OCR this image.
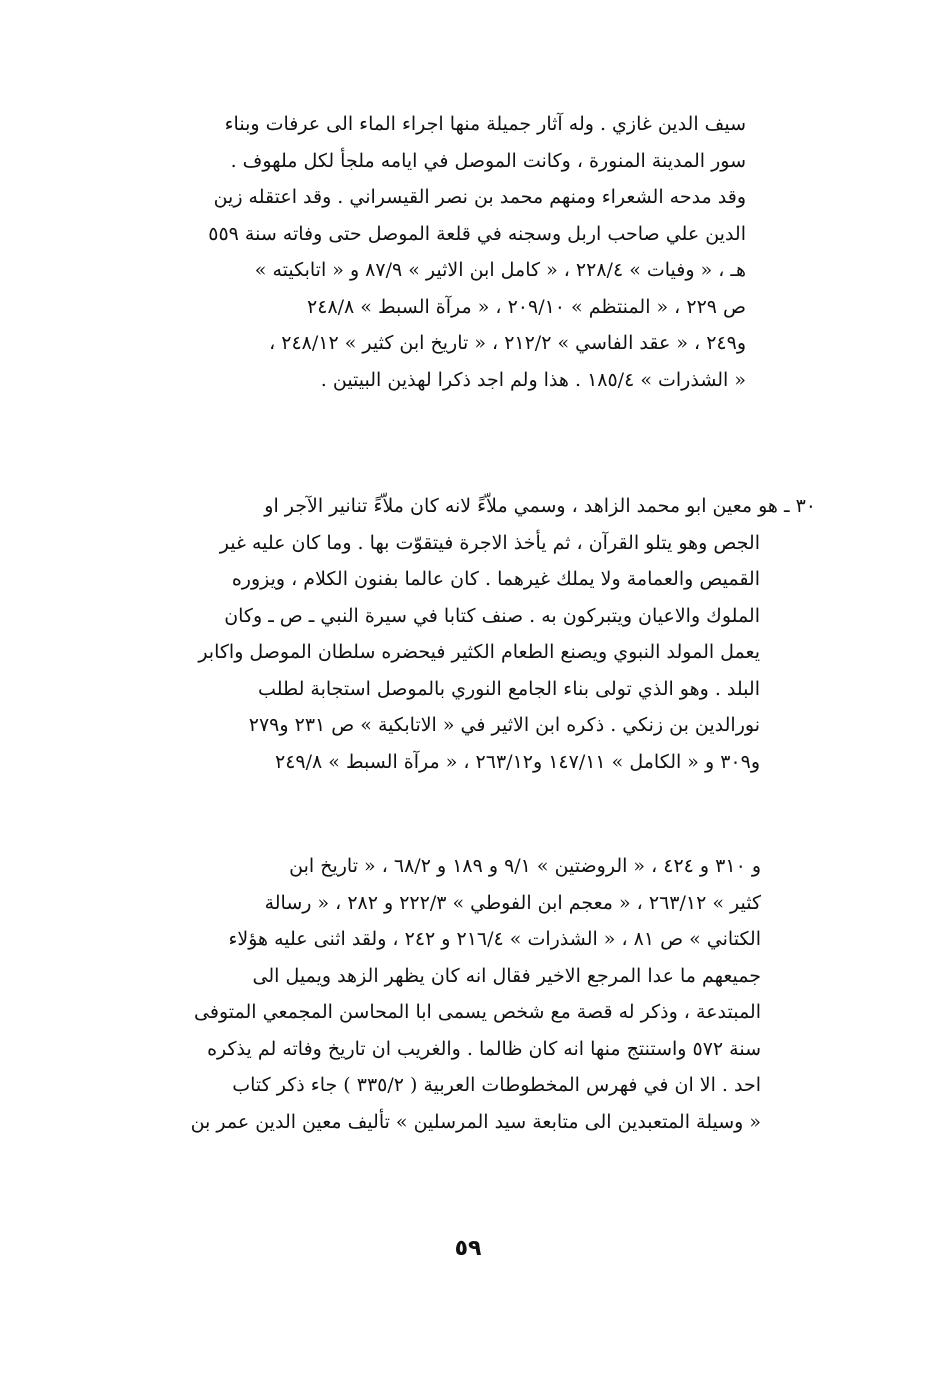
سيف الدين غازي . وله آثار جميلة منها اجراء الماء الى عرفات وبناء
سور المدينة المنورة ، وكانت الموصل في ايامه ملجأ لكل ملهوف .
وقد مدحه الشعراء ومنهم محمد بن نصر القيسراني . وقد اعتقله زين
الدين علي صاحب اربل وسجنه في قلعة الموصل حتى وفاته سنة ٥٥٩
هـ ، « وفيات » ٢٢٨/٤ ، « كامل ابن الاثير » ٨٧/٩ و « اتابكيته »
ص ٢٢٩ ، « المنتظم » ٢٠٩/١٠ ، « مرآة السبط » ٢٤٨/٨
و٢٤٩ ، « عقد الفاسي » ٢١٢/٢ ، « تاريخ ابن كثير » ٢٤٨/١٢ ،
« الشذرات » ١٨٥/٤ . هذا ولم اجد ذكرا لهذين البيتين .
٣٠ ـ هو معين ابو محمد الزاهد ، وسمي ملاّءً لانه كان ملاّءً تنانير الآجر او
الجص وهو يتلو القرآن ، ثم يأخذ الاجرة فيتقوّت بها . وما كان عليه غير
القميص والعمامة ولا يملك غيرهما . كان عالما بفنون الكلام ، ويزوره
الملوك والاعيان ويتبركون به . صنف كتابا في سيرة النبي ـ ص ـ وكان
يعمل المولد النبوي ويصنع الطعام الكثير فيحضره سلطان الموصل واكابر
البلد . وهو الذي تولى بناء الجامع النوري بالموصل استجابة لطلب
نورالدين بن زنكي . ذكره ابن الاثير في « الاتابكية » ص ٢٣١ و٢٧٩
و٣٠٩ و « الكامل » ١٤٧/١١ و٢٦٣/١٢ ، « مرآة السبط » ٢٤٩/٨
و ٣١٠ و ٤٢٤ ، « الروضتين » ٩/١ و ١٨٩ و ٦٨/٢ ، « تاريخ ابن
كثير » ٢٦٣/١٢ ، « معجم ابن الفوطي » ٢٢٢/٣ و ٢٨٢ ، « رسالة
الكتاني » ص ٨١ ، « الشذرات » ٢١٦/٤ و ٢٤٢ ، ولقد اثنى عليه هؤلاء
جميعهم ما عدا المرجع الاخير فقال انه كان يظهر الزهد ويميل الى
المبتدعة ، وذكر له قصة مع شخص يسمى ابا المحاسن المجمعي المتوفى
سنة ٥٧٢ واستنتج منها انه كان ظالما . والغريب ان تاريخ وفاته لم يذكره
احد . الا ان في فهرس المخطوطات العربية ( ٣٣٥/٢ ) جاء ذكر كتاب
« وسيلة المتعبدين الى متابعة سيد المرسلين » تأليف معين الدين عمر بن
٥٩
